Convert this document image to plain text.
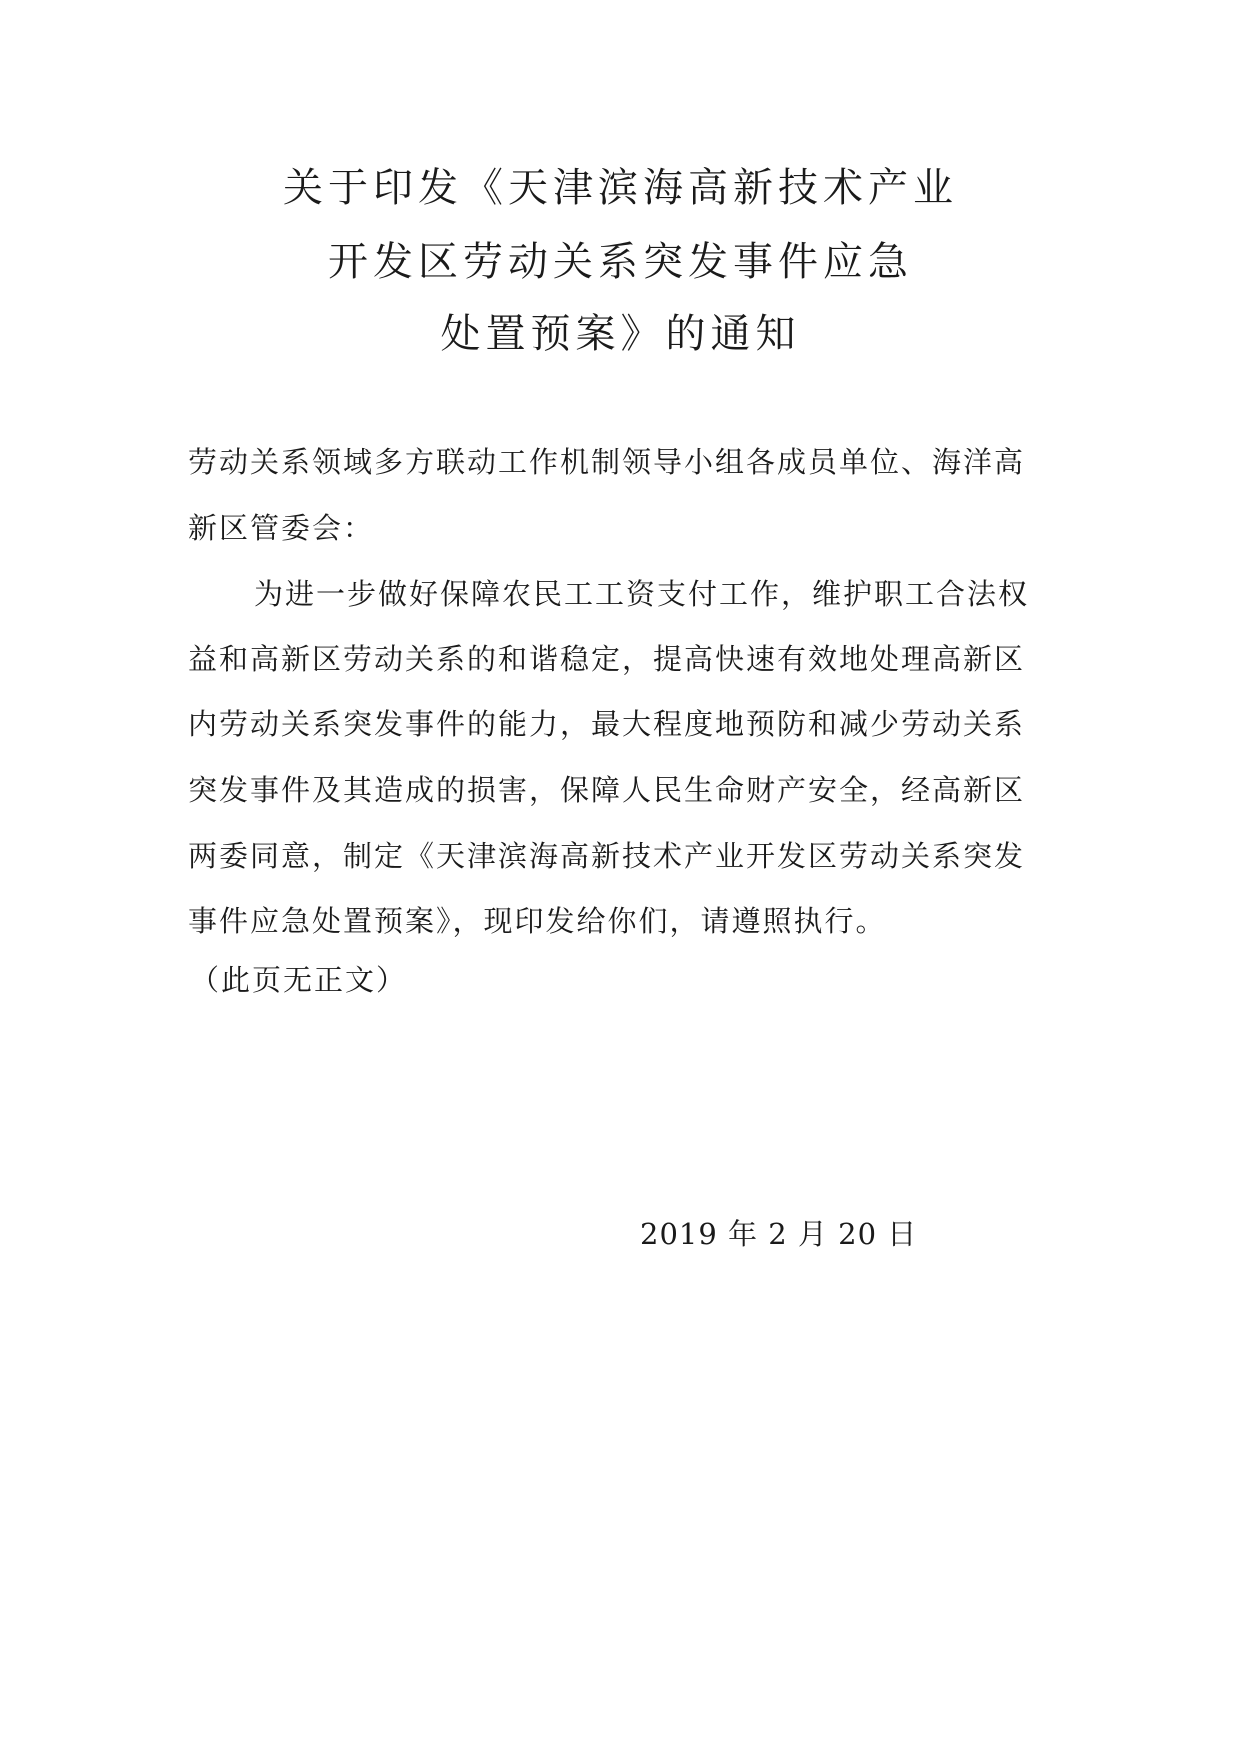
关于印发《天津滨海高新技术产业
开发区劳动关系突发事件应急
处置预案》的通知
劳动关系领域多方联动工作机制领导小组各成员单位、海洋高
新区管委会：
为进一步做好保障农民工工资支付工作，维护职工合法权
益和高新区劳动关系的和谐稳定，提高快速有效地处理高新区
内劳动关系突发事件的能力，最大程度地预防和减少劳动关系
突发事件及其造成的损害，保障人民生命财产安全，经高新区
两委同意，制定《天津滨海高新技术产业开发区劳动关系突发
事件应急处置预案》，现印发给你们，请遵照执行。
（此页无正文）
2019 年 2 月 20 日
